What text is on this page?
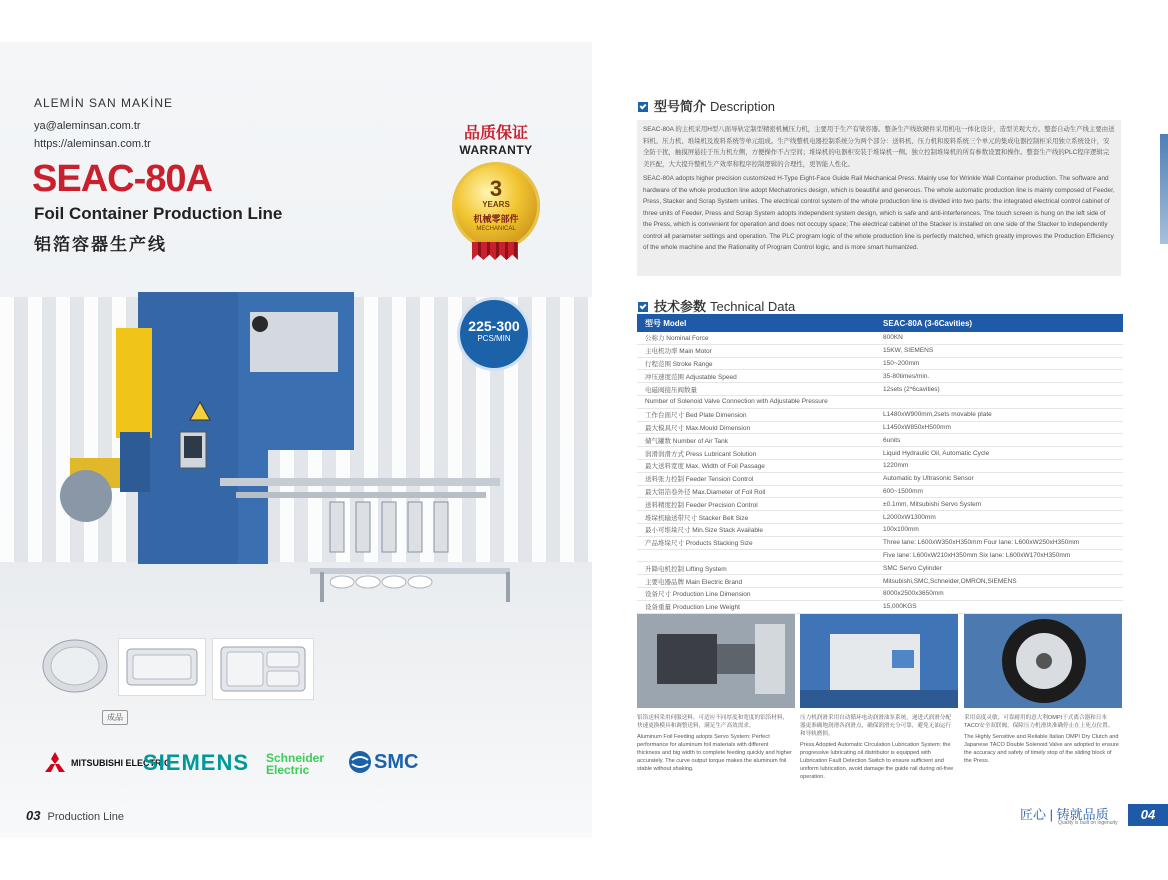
ALEMİN SAN MAKİNE
ya@aleminsan.com.tr
https://aleminsan.com.tr
SEAC-80A
Foil Container Production Line
铝箔容器生产线
品质保证
WARRANTY
3
YEARS
机械零部件
MECHANICAL
225-300
PCS/MIN
成品
MITSUBISHI ELECTRIC
SIEMENS Schneider Electric	SMC
03 Production Line
型号简介 Description

SEAC-80A 的主机采用H型八面导轨定制型精密机械压力机，主要用于生产有皱容器。整条生产线软硬件采用机电一体化设计，造型美观大方。整套自动生产线主要由送料机、压力机、堆垛机及废料系统等单元组成。生产线整机电器控制系统分为两个部分：送料机、压力机和废料系统三个单元的集成电器控制柜采用独立系统设计，安全防干扰，触摸屏悬挂于压力机左侧，方便操作不占空间；堆垛机的电器柜安装于堆垛机一侧。独立控制堆垛机的所有参数设置和操作。整套生产线的PLC程序逻辑完美匹配，大大提升整机生产效率和程序控制逻辑的合理性，更智能人性化。

SEAC-80A adopts higher precision customized H-Type Eight-Face Guide Rail Mechanical Press. Mainly use for Wrinkle Wall Container production. The software and hardware of the whole production line adopt Mechatronics design, which is beautiful and generous. The whole automatic production line is mainly composed of Feeder, Press, Stacker and Scrap System unites. The electrical control system of the whole production line is divided into two parts: the integrated electrical control cabinet of three units of Feeder, Press and Scrap System adopts independent system design, which is safe and anti-interferences. The touch screen is hung on the left side of the Press, which is convenient for operation and does not occupy space; The electrical cabinet of the Stacker is installed on one side of the Stacker to independently control all parameter settings and operation. The PLC program logic of the whole production line is perfectly matched, which greatly improves the Production Efficiency of the whole machine and the Rationality of Program Control logic, and is more smart humanized.

技术参数 Technical Data
型号 Model	SEAC-80A (3-6Cavities)
公称力 Nominal Force	800KN
主电机功率 Main Motor	15KW, SIEMENS
行程范围 Stroke Range	150~200mm
冲压速度范围 Adjustable Speed	35-80times/min.
电磁阀接压阀数量	12sets (2*6cavities)
Number of Solenoid Valve Connection with Adjustable Pressure	
工作台面尺寸 Bed Plate Dimension	L1480xW900mm,2sets movable plate
最大模具尺寸 Max.Mould Dimension	L1450xW850xH500mm
储气罐数 Number of Air Tank	6units
润滑润滑方式 Press Lubricant Solution	Liquid Hydraulic Oil, Automatic Cycle
最大送料宽度 Max. Width of Foil Passage	1220mm
送料张力控制 Feeder Tension Control	Automatic by Ultrasonic Sensor
最大铝箔卷外径 Max.Diameter of Foil Roll	600~1500mm
送料精度控制 Feeder Precision Control	±0.1mm, Mitsubishi Servo System
堆垛机输送带尺寸 Stacker Belt Size	L2000xW1300mm
最小可堆垛尺寸 Min.Size Stack Available	100x100mm
产品堆垛尺寸 Products Stacking Size	Three lane: L600xW350xH350mm Four lane: L600xW250xH350mm
	Five lane: L600xW210xH350mm Six lane: L600xW170xH350mm
升降电机控制 Lifting System	SMC Servo Cylinder
主要电器品牌 Main Electric Brand	Mitsubishi,SMC,Schneider,OMRON,SIEMENS
设备尺寸 Production Line Dimension	8000x2500x3650mm
设备重量 Production Line Weight	15,000KGS
铝箔送料采用伺服送料，可适应不同厚度和宽度的铝箔材料，快速更换模具和调整送料，满足生产高效需求。
Aluminum Foil Feeding adopts Servo System: Perfect performance for aluminum foil materials with different thickness and big width to complete feeding quickly and higher accurately. The curve output torque makes the aluminum foil stable without shaking.
压力机润滑采用自动循环电动润滑油泵系统，递进式润滑分配器更准确地润滑各润滑点，确保润滑充分可靠，避免无油运行和导轨磨损。
Press Adopted Automatic Circulation Lubrication System: the progressive lubricating oil distributor is equipped with Lubrication Fault Detection Switch to ensure sufficient and uniform lubrication, avoid damage the guide rail during oil-free operation.
采用高度灵敏，可靠耐用的意大利OMPI干式离合器和日本TACO安全双联阀，保障压力机滑块准确停止在上死点位置。
The Highly Sensitive and Reliable Italian OMPI Dry Clutch and Japanese TACO Double Solenoid Valve are adopted to ensure the accuracy and safety of timely stop of the sliding block of the Press.
匠心 | 铸就品质
Quality is built on ingenuity
04
